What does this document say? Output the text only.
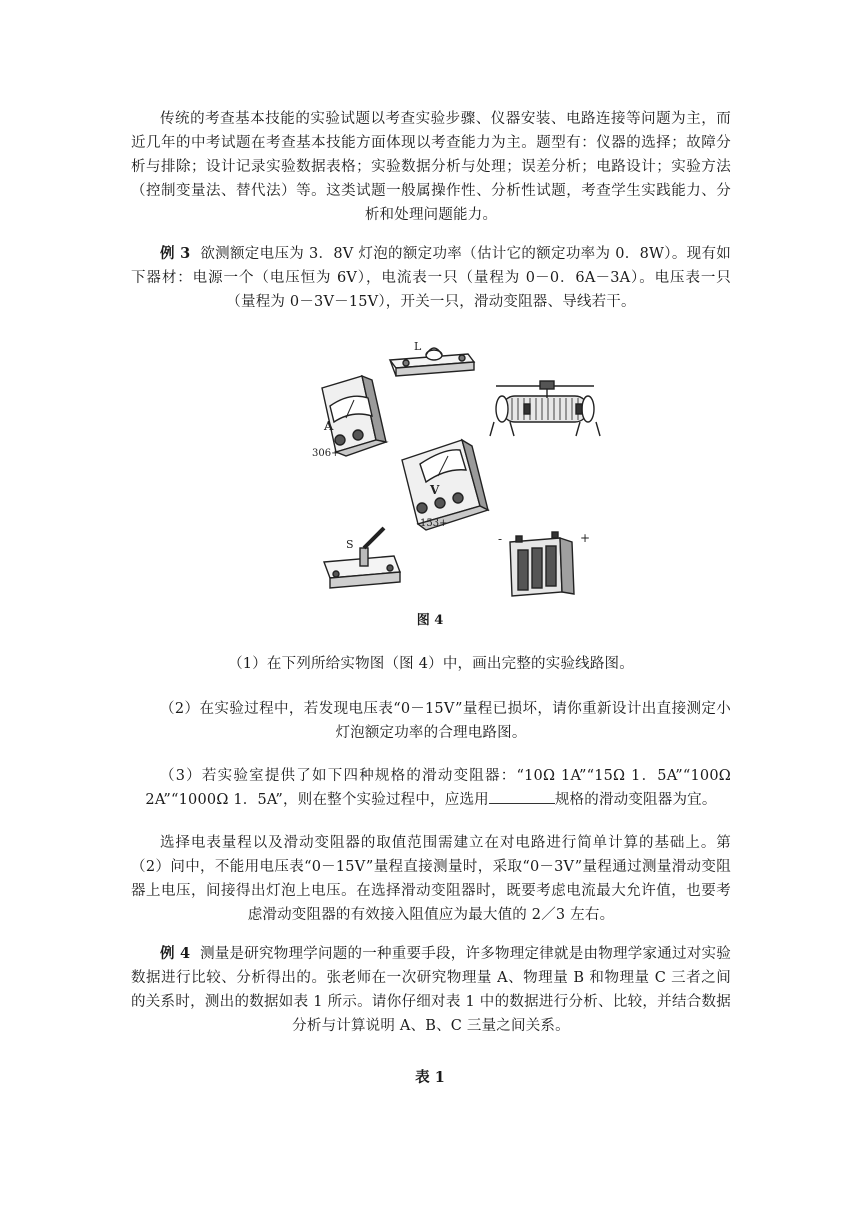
传统的考查基本技能的实验试题以考查实验步骤、仪器安装、电路连接等问题为主，而近几年的中考试题在考查基本技能方面体现以考查能力为主。题型有：仪器的选择；故障分析与排除；设计记录实验数据表格；实验数据分析与处理；误差分析；电路设计；实验方法（控制变量法、替代法）等。这类试题一般属操作性、分析性试题，考查学生实践能力、分析和处理问题能力。
例 3 欲测额定电压为 3．8V 灯泡的额定功率（估计它的额定功率为 0．8W）。现有如下器材：电源一个（电压恒为 6V），电流表一只（量程为 0－0．6A－3A）。电压表一只（量程为 0－3V－15V），开关一只，滑动变阻器、导线若干。
L
A
306+
V
153+
S	-	+
图 4
（1）在下列所给实物图（图 4）中，画出完整的实验线路图。
（2）在实验过程中，若发现电压表“0－15V”量程已损坏，请你重新设计出直接测定小灯泡额定功率的合理电路图。
（3）若实验室提供了如下四种规格的滑动变阻器：“10Ω 1A”“15Ω 1．5A”“100Ω 2A”“1000Ω 1．5A”，则在整个实验过程中，应选用	规格的滑动变阻器为宜。
选择电表量程以及滑动变阻器的取值范围需建立在对电路进行简单计算的基础上。第（2）问中，不能用电压表“0－15V”量程直接测量时，采取“0－3V”量程通过测量滑动变阻器上电压，间接得出灯泡上电压。在选择滑动变阻器时，既要考虑电流最大允许值，也要考虑滑动变阻器的有效接入阻值应为最大值的 2／3 左右。
例 4 测量是研究物理学问题的一种重要手段，许多物理定律就是由物理学家通过对实验数据进行比较、分析得出的。张老师在一次研究物理量 A、物理量 B 和物理量 C 三者之间的关系时，测出的数据如表 1 所示。请你仔细对表 1 中的数据进行分析、比较，并结合数据分析与计算说明 A、B、C 三量之间关系。
表 1
